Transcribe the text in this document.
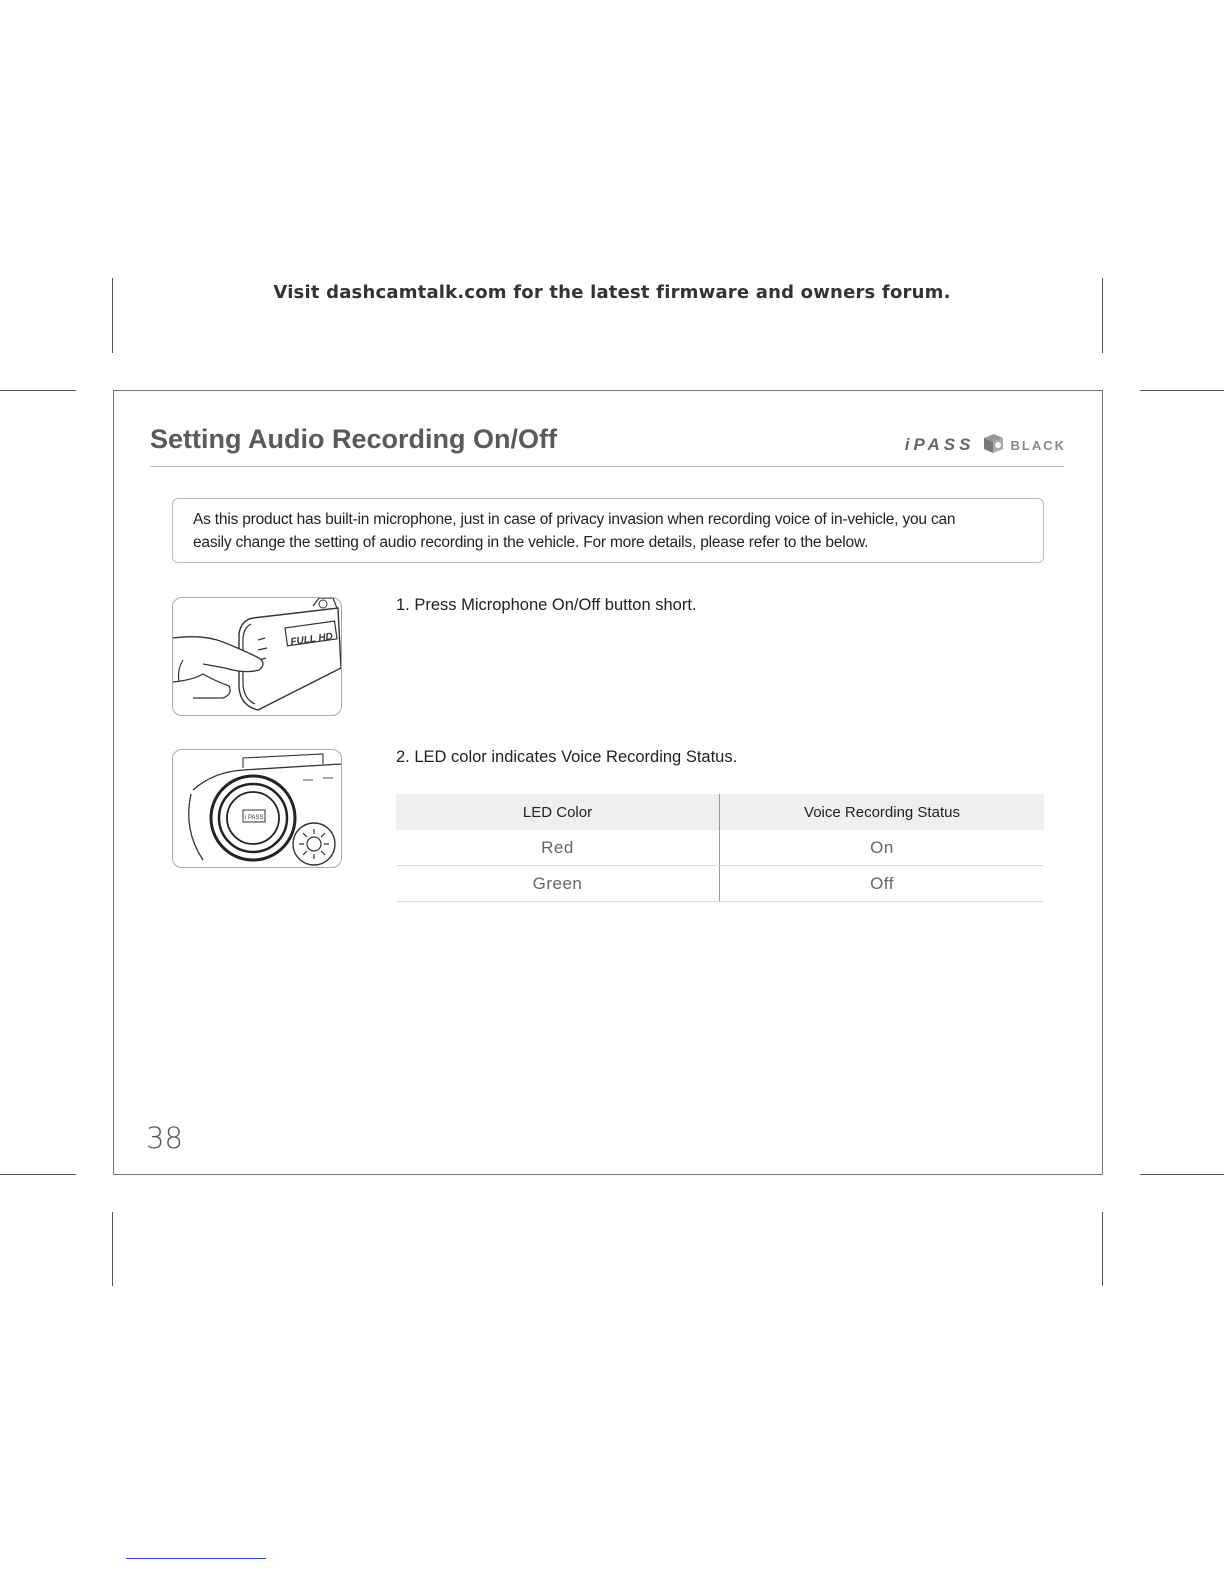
Visit dashcamtalk.com for the latest firmware and owners forum.
Setting Audio Recording On/Off	iPASS	BLACK
As this product has built-in microphone, just in case of privacy invasion when recording voice of in-vehicle, you can
easily change the setting of audio recording in the vehicle. For more details, please refer to the below.
FULL HD
1. Press Microphone On/Off button short.
i PASS
2. LED color indicates Voice Recording Status.
LED Color	Voice Recording Status
Red	On
Green	Off
38
